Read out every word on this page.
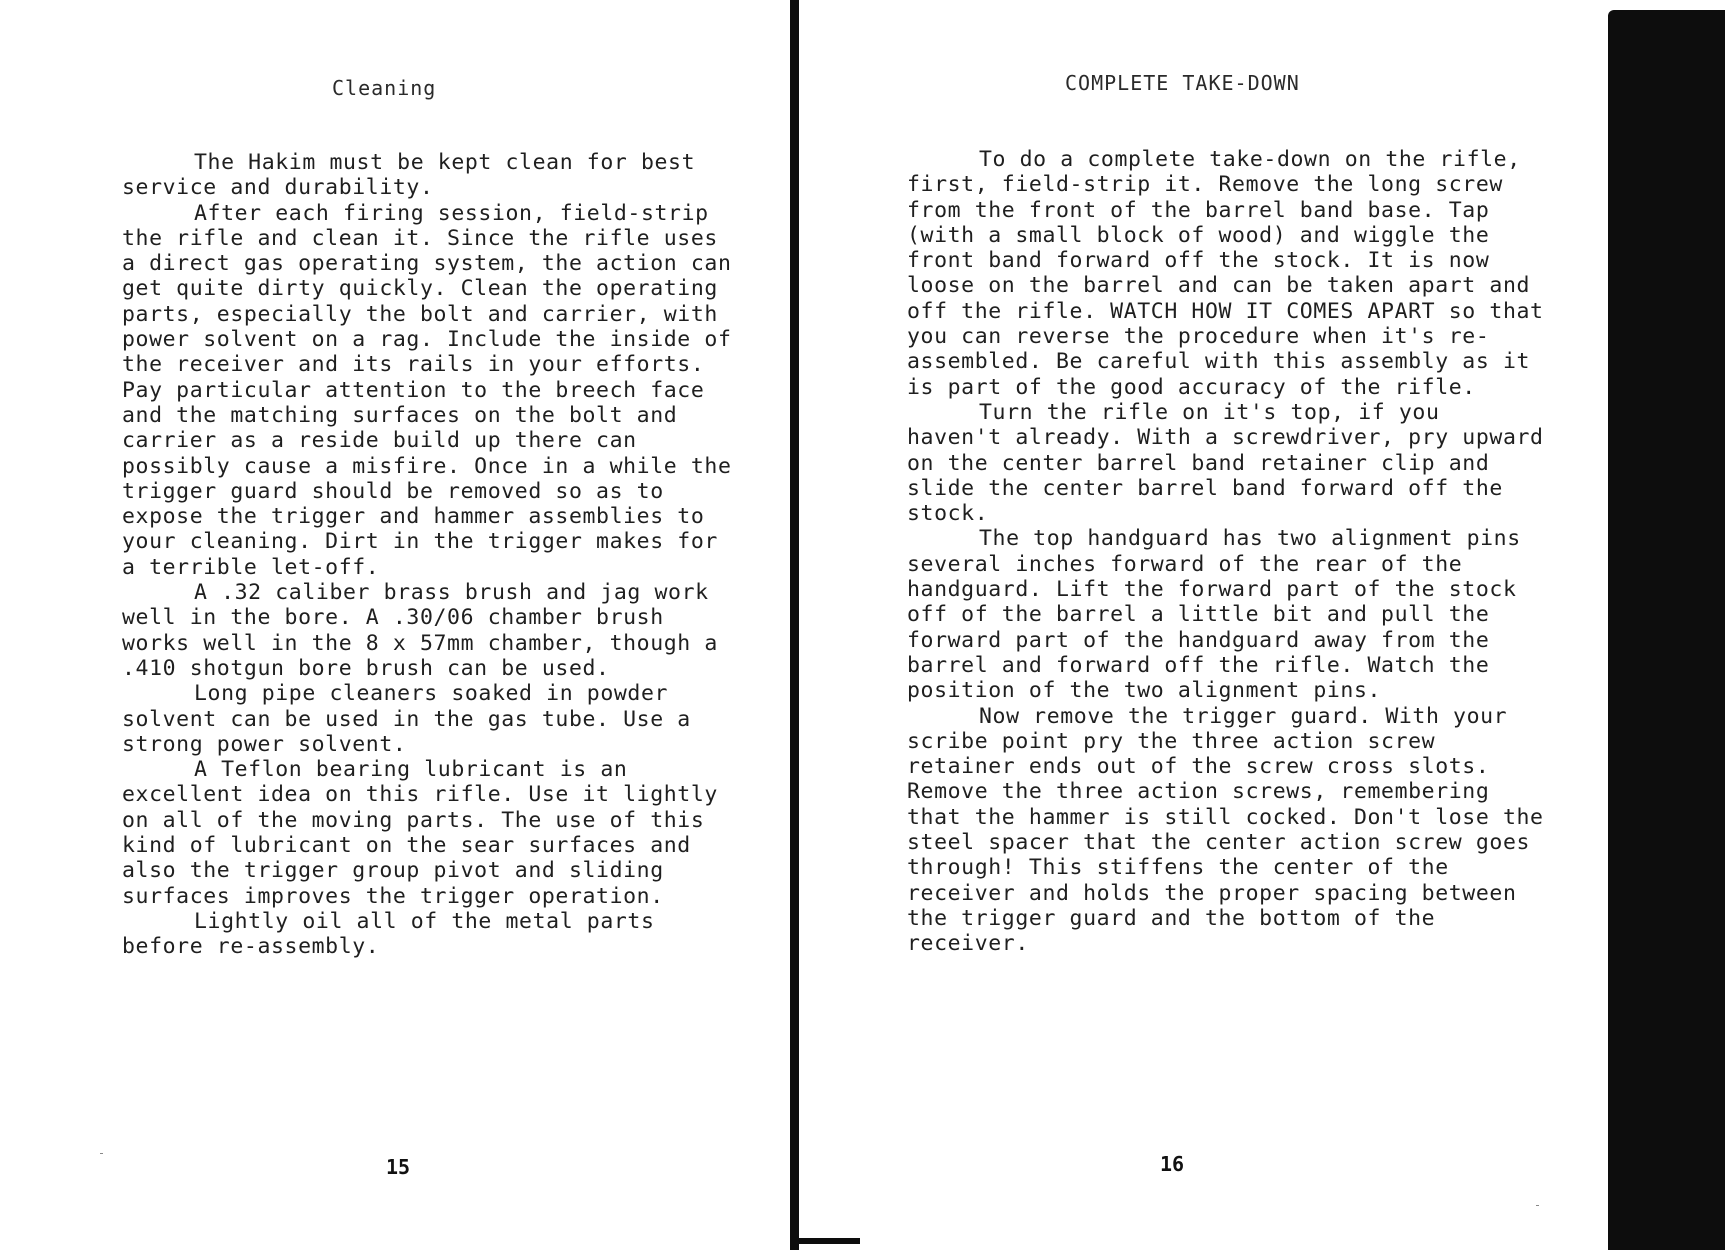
Cleaning

The Hakim must be kept clean for best service and durability.

After each firing session, field-strip the rifle and clean it. Since the rifle uses a direct gas operating system, the action can get quite dirty quickly. Clean the operating parts, especially the bolt and carrier, with power solvent on a rag. Include the inside of the receiver and its rails in your efforts. Pay particular attention to the breech face and the matching surfaces on the bolt and carrier as a reside build up there can possibly cause a misfire. Once in a while the trigger guard should be removed so as to expose the trigger and hammer assemblies to your cleaning. Dirt in the trigger makes for a terrible let-off.

A .32 caliber brass brush and jag work well in the bore. A .30/06 chamber brush works well in the 8 x 57mm chamber, though a .410 shotgun bore brush can be used.

Long pipe cleaners soaked in powder solvent can be used in the gas tube. Use a strong power solvent.

A Teflon bearing lubricant is an excellent idea on this rifle. Use it lightly on all of the moving parts. The use of this kind of lubricant on the sear surfaces and also the trigger group pivot and sliding surfaces improves the trigger operation.

Lightly oil all of the metal parts before re-assembly.

15
COMPLETE TAKE-DOWN

To do a complete take-down on the rifle, first, field-strip it. Remove the long screw from the front of the barrel band base. Tap (with a small block of wood) and wiggle the front band forward off the stock. It is now loose on the barrel and can be taken apart and off the rifle. WATCH HOW IT COMES APART so that you can reverse the procedure when it's re-assembled. Be careful with this assembly as it is part of the good accuracy of the rifle.

Turn the rifle on it's top, if you haven't already. With a screwdriver, pry upward on the center barrel band retainer clip and slide the center barrel band forward off the stock.

The top handguard has two alignment pins several inches forward of the rear of the handguard. Lift the forward part of the stock off of the barrel a little bit and pull the forward part of the handguard away from the barrel and forward off the rifle. Watch the position of the two alignment pins.

Now remove the trigger guard. With your scribe point pry the three action screw retainer ends out of the screw cross slots. Remove the three action screws, remembering that the hammer is still cocked. Don't lose the steel spacer that the center action screw goes through! This stiffens the center of the receiver and holds the proper spacing between the trigger guard and the bottom of the receiver.

16
